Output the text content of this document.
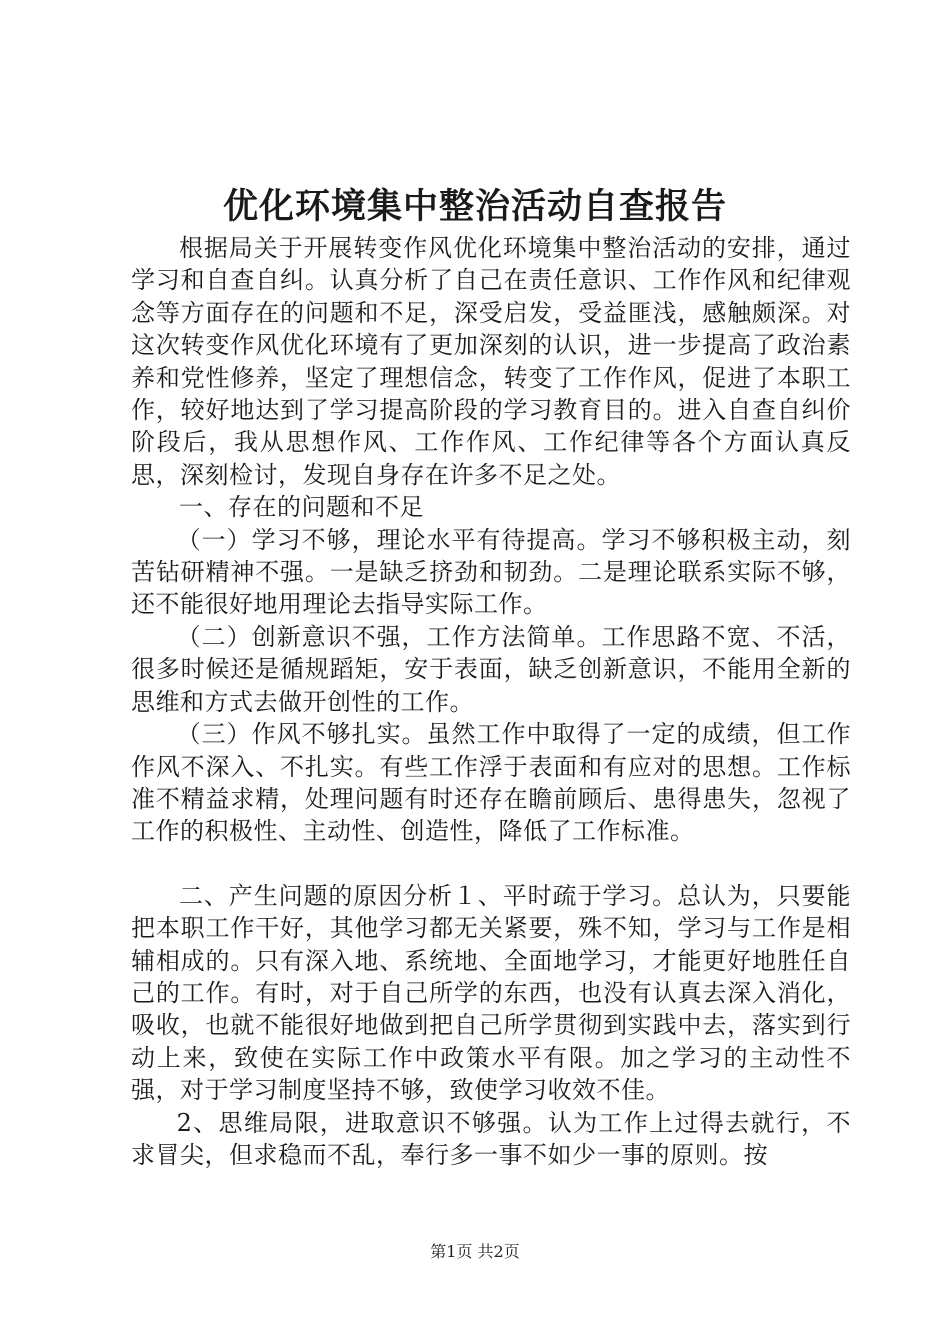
优化环境集中整治活动自查报告

根据局关于开展转变作风优化环境集中整治活动的安排，通过学习和自查自纠。认真分析了自己在责任意识、工作作风和纪律观念等方面存在的问题和不足，深受启发，受益匪浅，感触颇深。对这次转变作风优化环境有了更加深刻的认识，进一步提高了政治素养和党性修养，坚定了理想信念，转变了工作作风，促进了本职工作，较好地达到了学习提高阶段的学习教育目的。进入自查自纠价阶段后，我从思想作风、工作作风、工作纪律等各个方面认真反思，深刻检讨，发现自身存在许多不足之处。

一、存在的问题和不足

（一）学习不够，理论水平有待提高。学习不够积极主动，刻苦钻研精神不强。一是缺乏挤劲和韧劲。二是理论联系实际不够，还不能很好地用理论去指导实际工作。

（二）创新意识不强，工作方法简单。工作思路不宽、不活，很多时候还是循规蹈矩，安于表面，缺乏创新意识，不能用全新的思维和方式去做开创性的工作。

（三）作风不够扎实。虽然工作中取得了一定的成绩，但工作作风不深入、不扎实。有些工作浮于表面和有应对的思想。工作标准不精益求精，处理问题有时还存在瞻前顾后、患得患失，忽视了工作的积极性、主动性、创造性，降低了工作标准。

二、产生问题的原因分析１、平时疏于学习。总认为，只要能把本职工作干好，其他学习都无关紧要，殊不知，学习与工作是相辅相成的。只有深入地、系统地、全面地学习，才能更好地胜任自己的工作。有时，对于自己所学的东西，也没有认真去深入消化，吸收，也就不能很好地做到把自己所学贯彻到实践中去，落实到行动上来，致使在实际工作中政策水平有限。加之学习的主动性不强，对于学习制度坚持不够，致使学习收效不佳。

2、思维局限，进取意识不够强。认为工作上过得去就行，不求冒尖，但求稳而不乱，奉行多一事不如少一事的原则。按

第1页 共2页
